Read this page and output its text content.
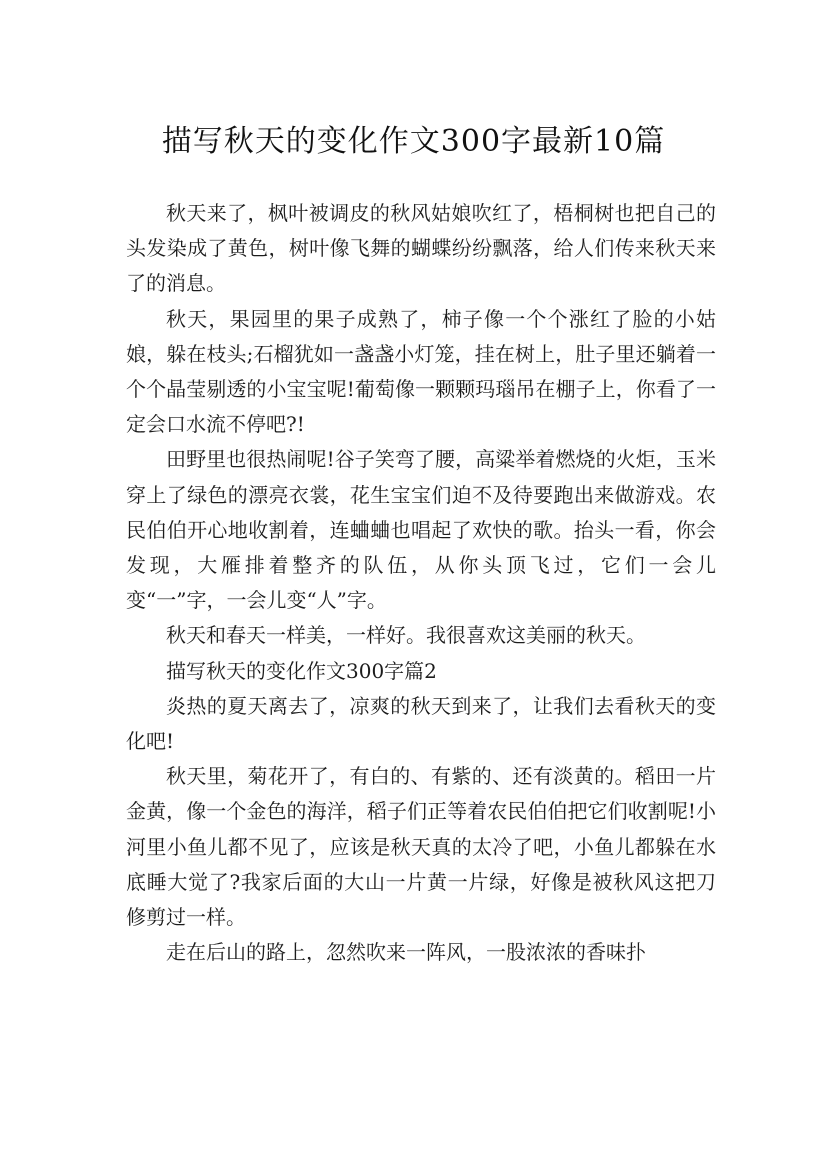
描写秋天的变化作文300字最新10篇

秋天来了，枫叶被调皮的秋风姑娘吹红了，梧桐树也把自己的头发染成了黄色，树叶像飞舞的蝴蝶纷纷飘落，给人们传来秋天来了的消息。

秋天，果园里的果子成熟了，柿子像一个个涨红了脸的小姑娘，躲在枝头;石榴犹如一盏盏小灯笼，挂在树上，肚子里还躺着一个个晶莹剔透的小宝宝呢!葡萄像一颗颗玛瑙吊在棚子上，你看了一定会口水流不停吧?!

田野里也很热闹呢!谷子笑弯了腰，高粱举着燃烧的火炬，玉米穿上了绿色的漂亮衣裳，花生宝宝们迫不及待要跑出来做游戏。农民伯伯开心地收割着，连蛐蛐也唱起了欢快的歌。抬头一看，你会发现，大雁排着整齐的队伍，从你头顶飞过，它们一会儿变“一”字，一会儿变“人”字。

秋天和春天一样美，一样好。我很喜欢这美丽的秋天。

描写秋天的变化作文300字篇2

炎热的夏天离去了，凉爽的秋天到来了，让我们去看秋天的变化吧!

秋天里，菊花开了，有白的、有紫的、还有淡黄的。稻田一片金黄，像一个金色的海洋，稻子们正等着农民伯伯把它们收割呢!小河里小鱼儿都不见了，应该是秋天真的太冷了吧，小鱼儿都躲在水底睡大觉了?我家后面的大山一片黄一片绿，好像是被秋风这把刀修剪过一样。

走在后山的路上，忽然吹来一阵风，一股浓浓的香味扑
